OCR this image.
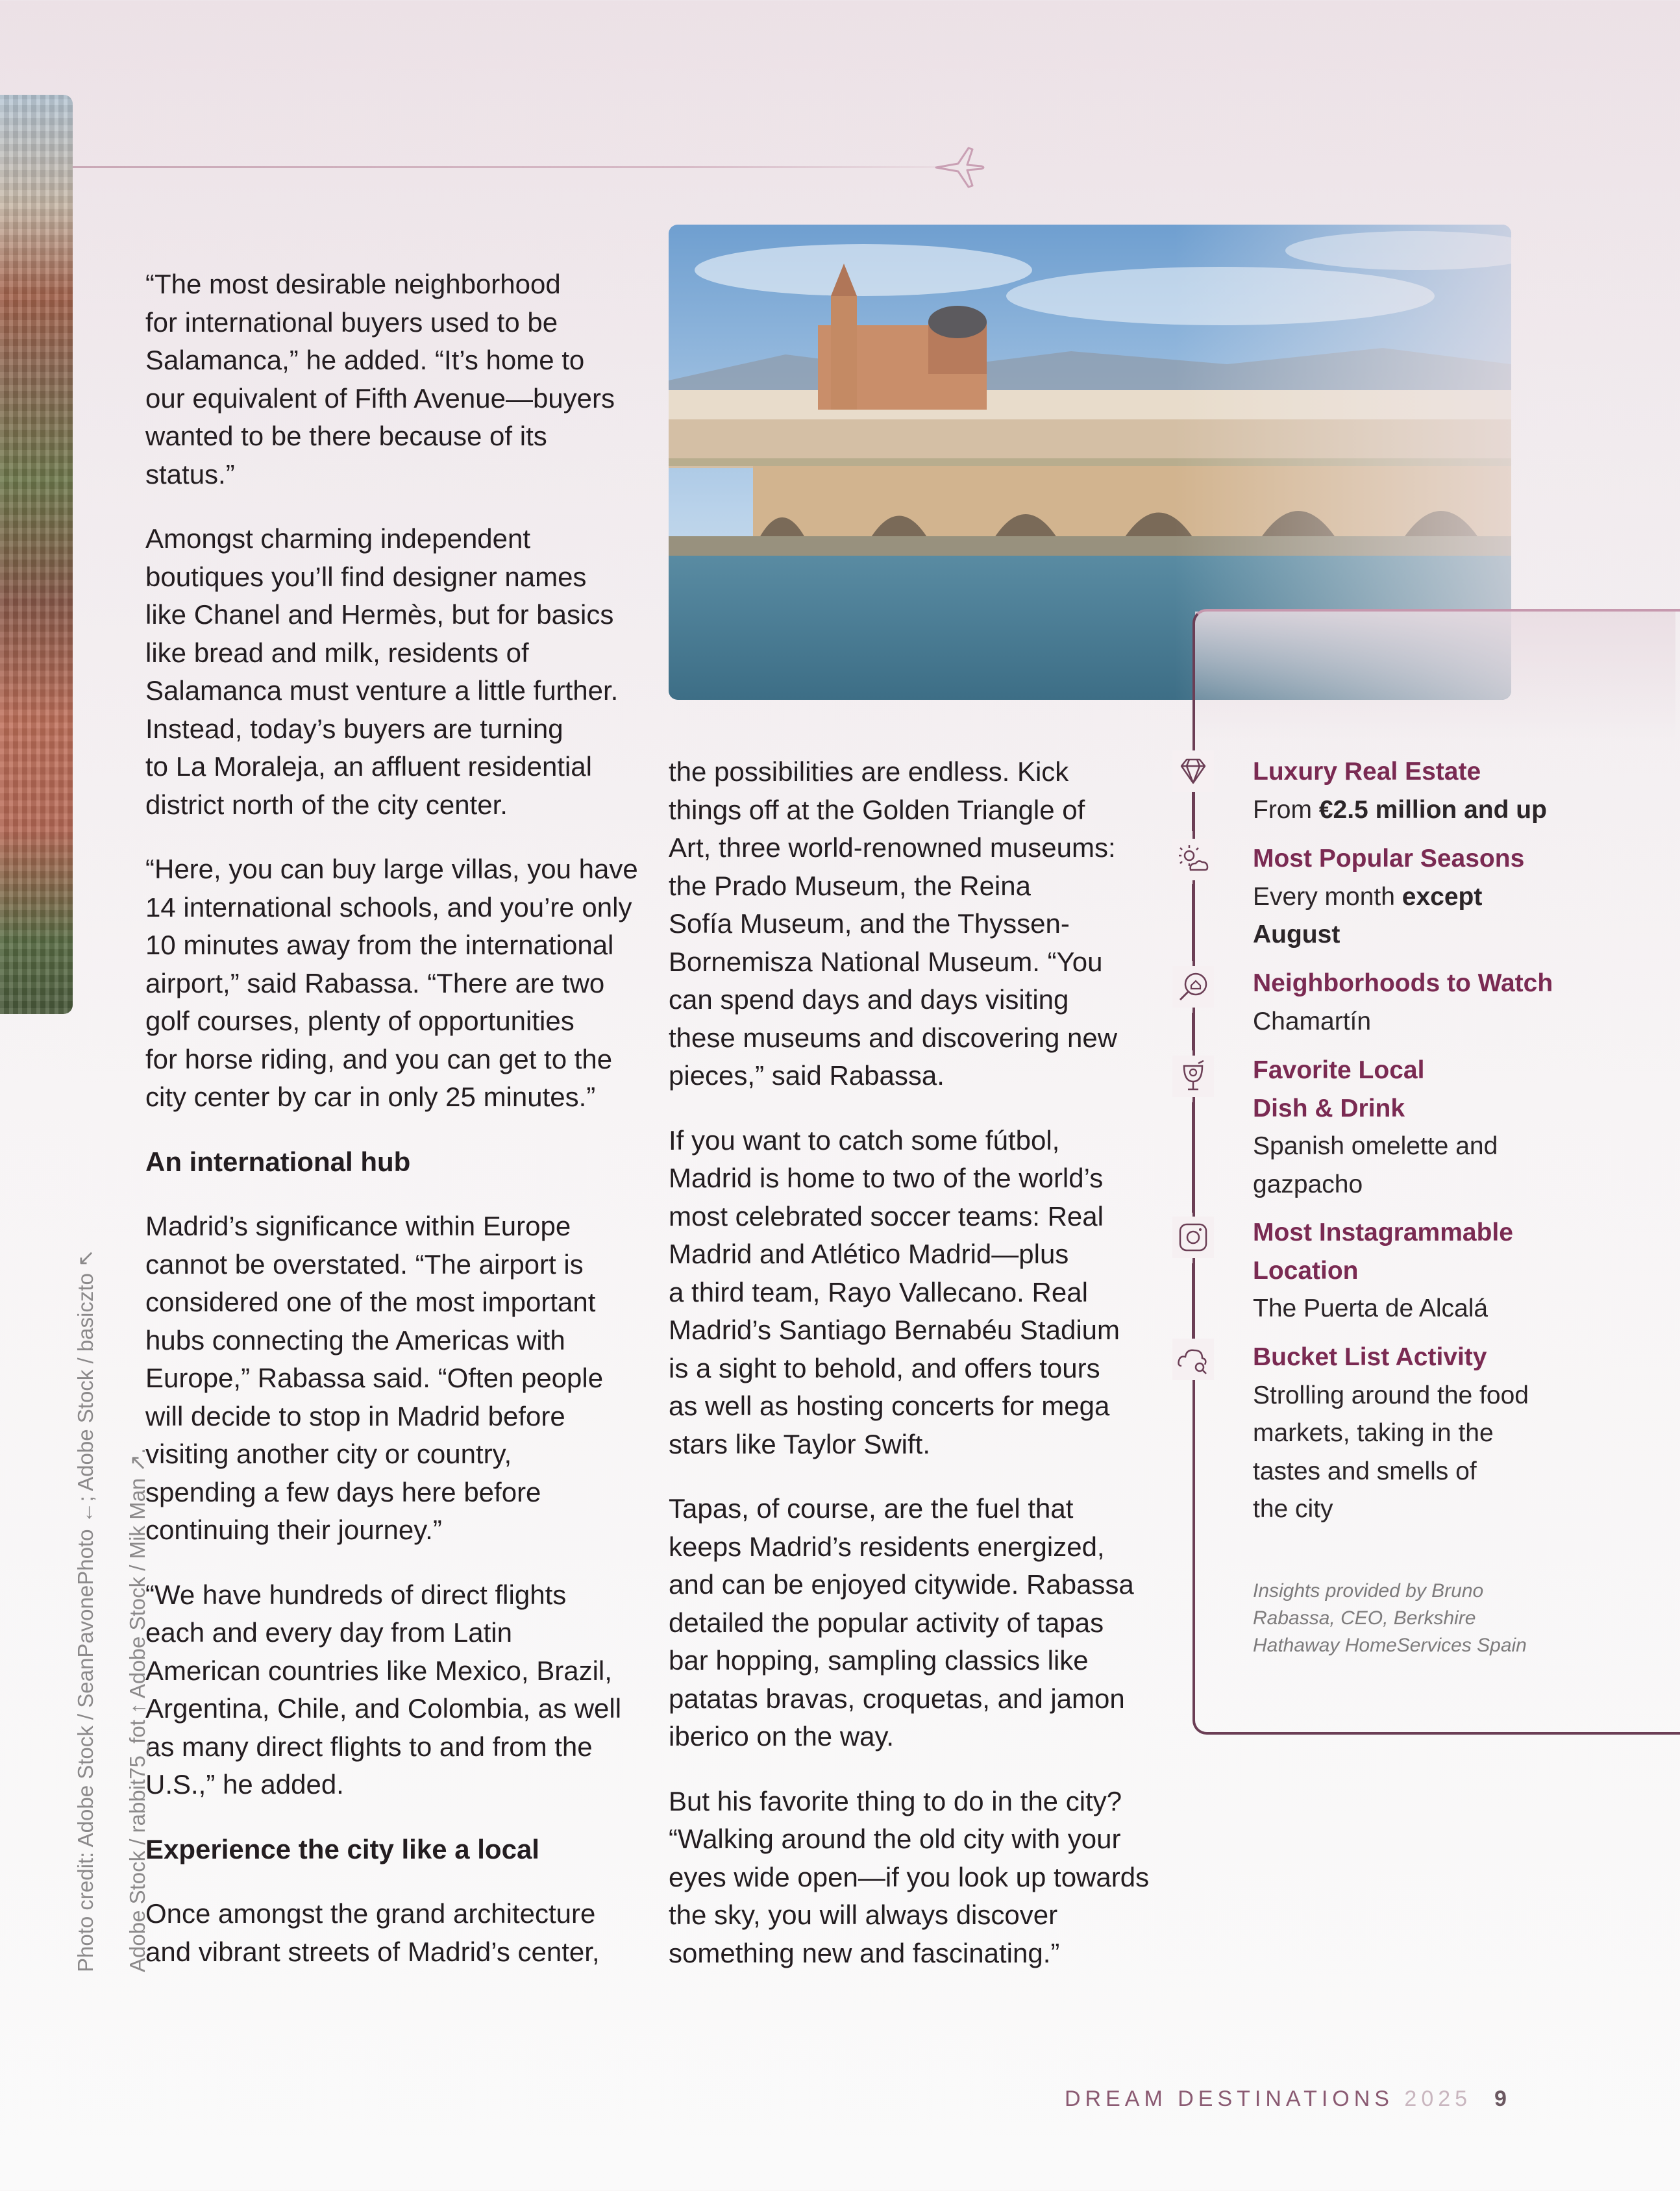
“The most desirable neighborhood
for international buyers used to be
Salamanca,” he added. “It’s home to
our equivalent of Fifth Avenue—buyers
wanted to be there because of its
status.”

Amongst charming independent
boutiques you’ll find designer names
like Chanel and Hermès, but for basics
like bread and milk, residents of
Salamanca must venture a little further.
Instead, today’s buyers are turning
to La Moraleja, an affluent residential
district north of the city center.

“Here, you can buy large villas, you have
14 international schools, and you’re only
10 minutes away from the international
airport,” said Rabassa. “There are two
golf courses, plenty of opportunities
for horse riding, and you can get to the
city center by car in only 25 minutes.”

An international hub

Madrid’s significance within Europe
cannot be overstated. “The airport is
considered one of the most important
hubs connecting the Americas with
Europe,” Rabassa said. “Often people
will decide to stop in Madrid before
visiting another city or country,
spending a few days here before
continuing their journey.”

“We have hundreds of direct flights
each and every day from Latin
American countries like Mexico, Brazil,
Argentina, Chile, and Colombia, as well
as many direct flights to and from the
U.S.,” he added.

Experience the city like a local

Once amongst the grand architecture
and vibrant streets of Madrid’s center,

Luxury Real Estate
From €2.5 million and up
Most Popular Seasons
Every month except
August
Neighborhoods to Watch
Chamartín
Favorite Local
Dish & Drink
Spanish omelette and
gazpacho
Most Instagrammable
Location
The Puerta de Alcalá
Bucket List Activity
Strolling around the food
markets, taking in the
tastes and smells of
the city
Insights provided by Bruno
Rabassa, CEO, Berkshire
Hathaway HomeServices Spain

the possibilities are endless. Kick
things off at the Golden Triangle of
Art, three world-renowned museums:
the Prado Museum, the Reina
Sofía Museum, and the Thyssen-
Bornemisza National Museum. “You
can spend days and days visiting
these museums and discovering new
pieces,” said Rabassa.

If you want to catch some fútbol,
Madrid is home to two of the world’s
most celebrated soccer teams: Real
Madrid and Atlético Madrid—plus
a third team, Rayo Vallecano. Real
Madrid’s Santiago Bernabéu Stadium
is a sight to behold, and offers tours
as well as hosting concerts for mega
stars like Taylor Swift.

Tapas, of course, are the fuel that
keeps Madrid’s residents energized,
and can be enjoyed citywide. Rabassa
detailed the popular activity of tapas
bar hopping, sampling classics like
patatas bravas, croquetas, and jamon
iberico on the way.

But his favorite thing to do in the city?
“Walking around the old city with your
eyes wide open—if you look up towards
the sky, you will always discover
something new and fascinating.”

Photo credit: Adobe Stock / SeanPavonePhoto ←; Adobe Stock / basiczto ↖

Adobe Stock / rabbit75_fot ↑ Adobe Stock / Mik Man ↗.

DREAM DESTINATIONS 2025 9
